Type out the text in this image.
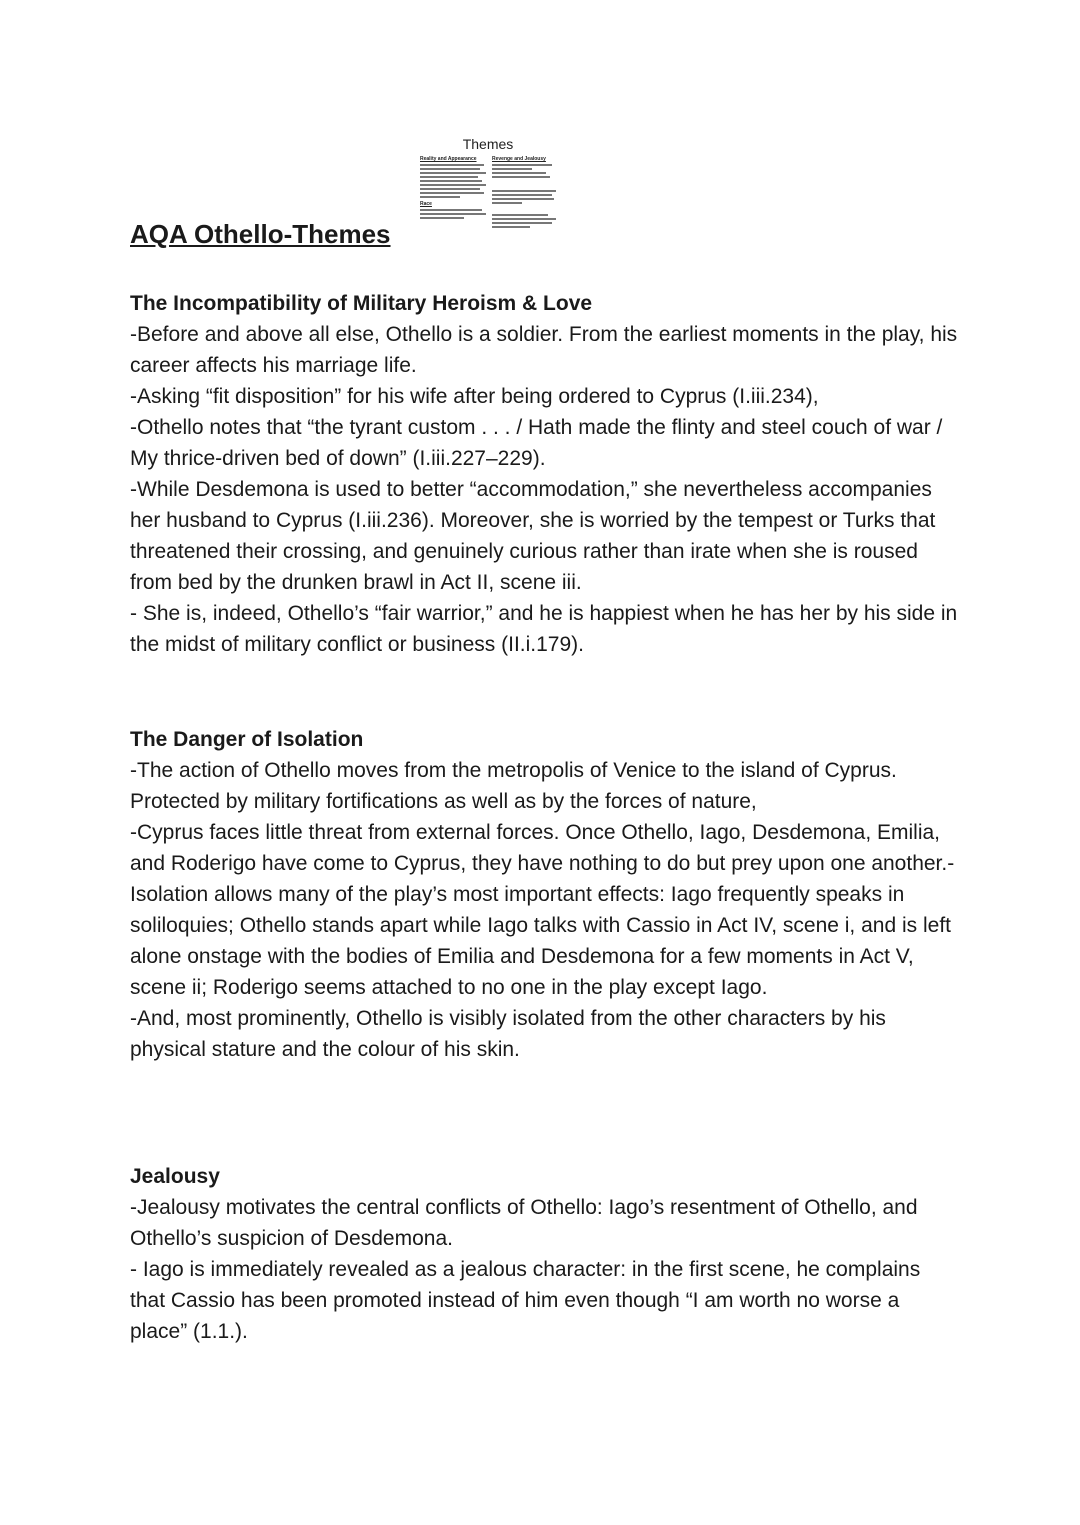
Themes
Reality and Appearance
Race
Revenge and Jealousy
AQA Othello-Themes

The Incompatibility of Military Heroism & Love

-Before and above all else, Othello is a soldier. From the earliest moments in the play, his career affects his marriage life.

-Asking “fit disposition” for his wife after being ordered to Cyprus (I.iii.234),

-Othello notes that “the tyrant custom . . . / Hath made the flinty and steel couch of war / My thrice-driven bed of down” (I.iii.227–229).

-While Desdemona is used to better “accommodation,” she nevertheless accompanies her husband to Cyprus (I.iii.236). Moreover, she is worried by the tempest or Turks that threatened their crossing, and genuinely curious rather than irate when she is roused from bed by the drunken brawl in Act II, scene iii.

- She is, indeed, Othello’s “fair warrior,” and he is happiest when he has her by his side in the midst of military conflict or business (II.i.179).

The Danger of Isolation

-The action of Othello moves from the metropolis of Venice to the island of Cyprus. Protected by military fortifications as well as by the forces of nature,

-Cyprus faces little threat from external forces. Once Othello, Iago, Desdemona, Emilia, and Roderigo have come to Cyprus, they have nothing to do but prey upon one another.-

Isolation allows many of the play’s most important effects: Iago frequently speaks in soliloquies; Othello stands apart while Iago talks with Cassio in Act IV, scene i, and is left alone onstage with the bodies of Emilia and Desdemona for a few moments in Act V, scene ii; Roderigo seems attached to no one in the play except Iago.

-And, most prominently, Othello is visibly isolated from the other characters by his physical stature and the colour of his skin.

Jealousy

-Jealousy motivates the central conflicts of Othello: Iago’s resentment of Othello, and Othello’s suspicion of Desdemona.

- Iago is immediately revealed as a jealous character: in the first scene, he complains that Cassio has been promoted instead of him even though “I am worth no worse a place” (1.1.).
